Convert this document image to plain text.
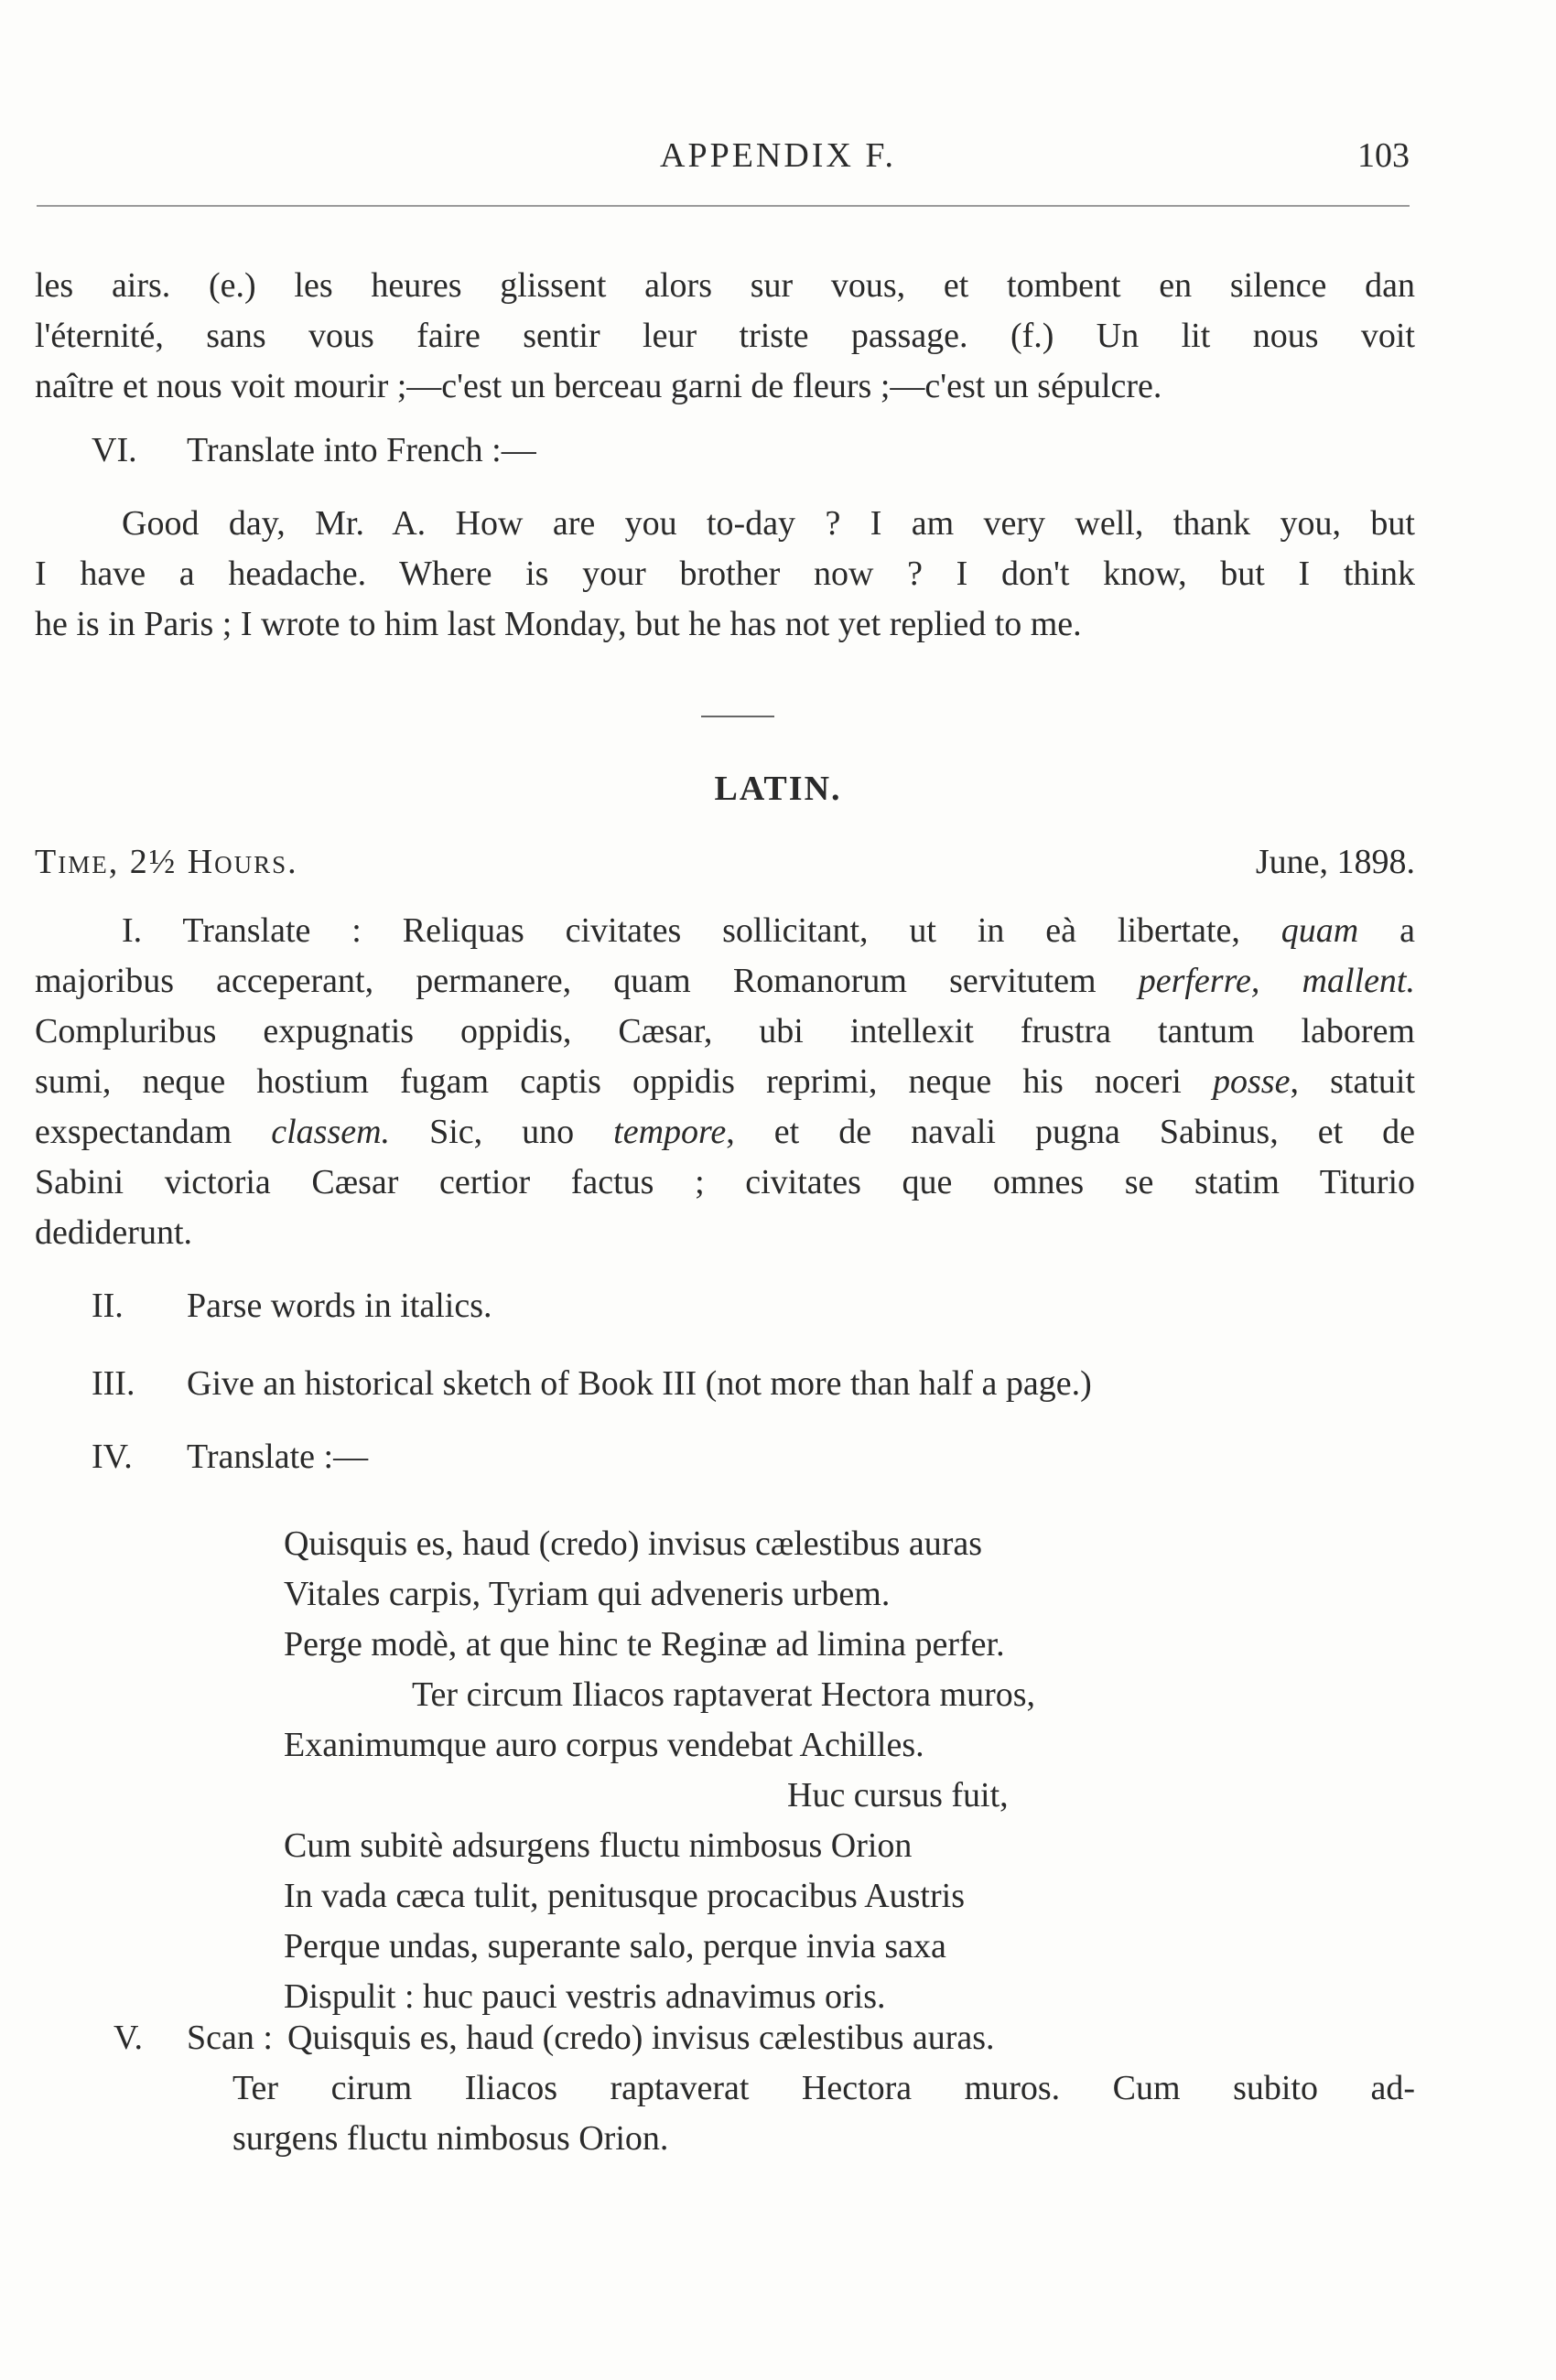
APPENDIX F.	103
les airs. (e.) les heures glissent alors sur vous, et tombent en silence dan
l'éternité, sans vous faire sentir leur triste passage. (f.) Un lit nous voit
naître et nous voit mourir ;—c'est un berceau garni de fleurs ;—c'est un sépulcre.
VI. Translate into French :—
Good day, Mr. A. How are you to-day ? I am very well, thank you, but
I have a headache. Where is your brother now ? I don't know, but I think
he is in Paris ; I wrote to him last Monday, but he has not yet replied to me.
LATIN.
Time, 2½ Hours.	June, 1898.
I. Translate : Reliquas civitates sollicitant, ut in eà libertate, quam a
majoribus acceperant, permanere, quam Romanorum servitutem perferre, mallent.
Compluribus expugnatis oppidis, Cæsar, ubi intellexit frustra tantum laborem
sumi, neque hostium fugam captis oppidis reprimi, neque his noceri posse, statuit
exspectandam classem. Sic, uno tempore, et de navali pugna Sabinus, et de
Sabini victoria Cæsar certior factus ; civitates que omnes se statim Titurio
dediderunt.
II. Parse words in italics.
III. Give an historical sketch of Book III (not more than half a page.)
IV. Translate :—
Quisquis es, haud (credo) invisus cælestibus auras
Vitales carpis, Tyriam qui adveneris urbem.
Perge modè, at que hinc te Reginæ ad limina perfer.
Ter circum Iliacos raptaverat Hectora muros,
Exanimumque auro corpus vendebat Achilles.
Huc cursus fuit,
Cum subitè adsurgens fluctu nimbosus Orion
In vada cæca tulit, penitusque procacibus Austris
Perque undas, superante salo, perque invia saxa
Dispulit : huc pauci vestris adnavimus oris.
V. Scan : Quisquis es, haud (credo) invisus cælestibus auras.
Ter cirum Iliacos raptaverat Hectora muros. Cum subito ad-
surgens fluctu nimbosus Orion.
